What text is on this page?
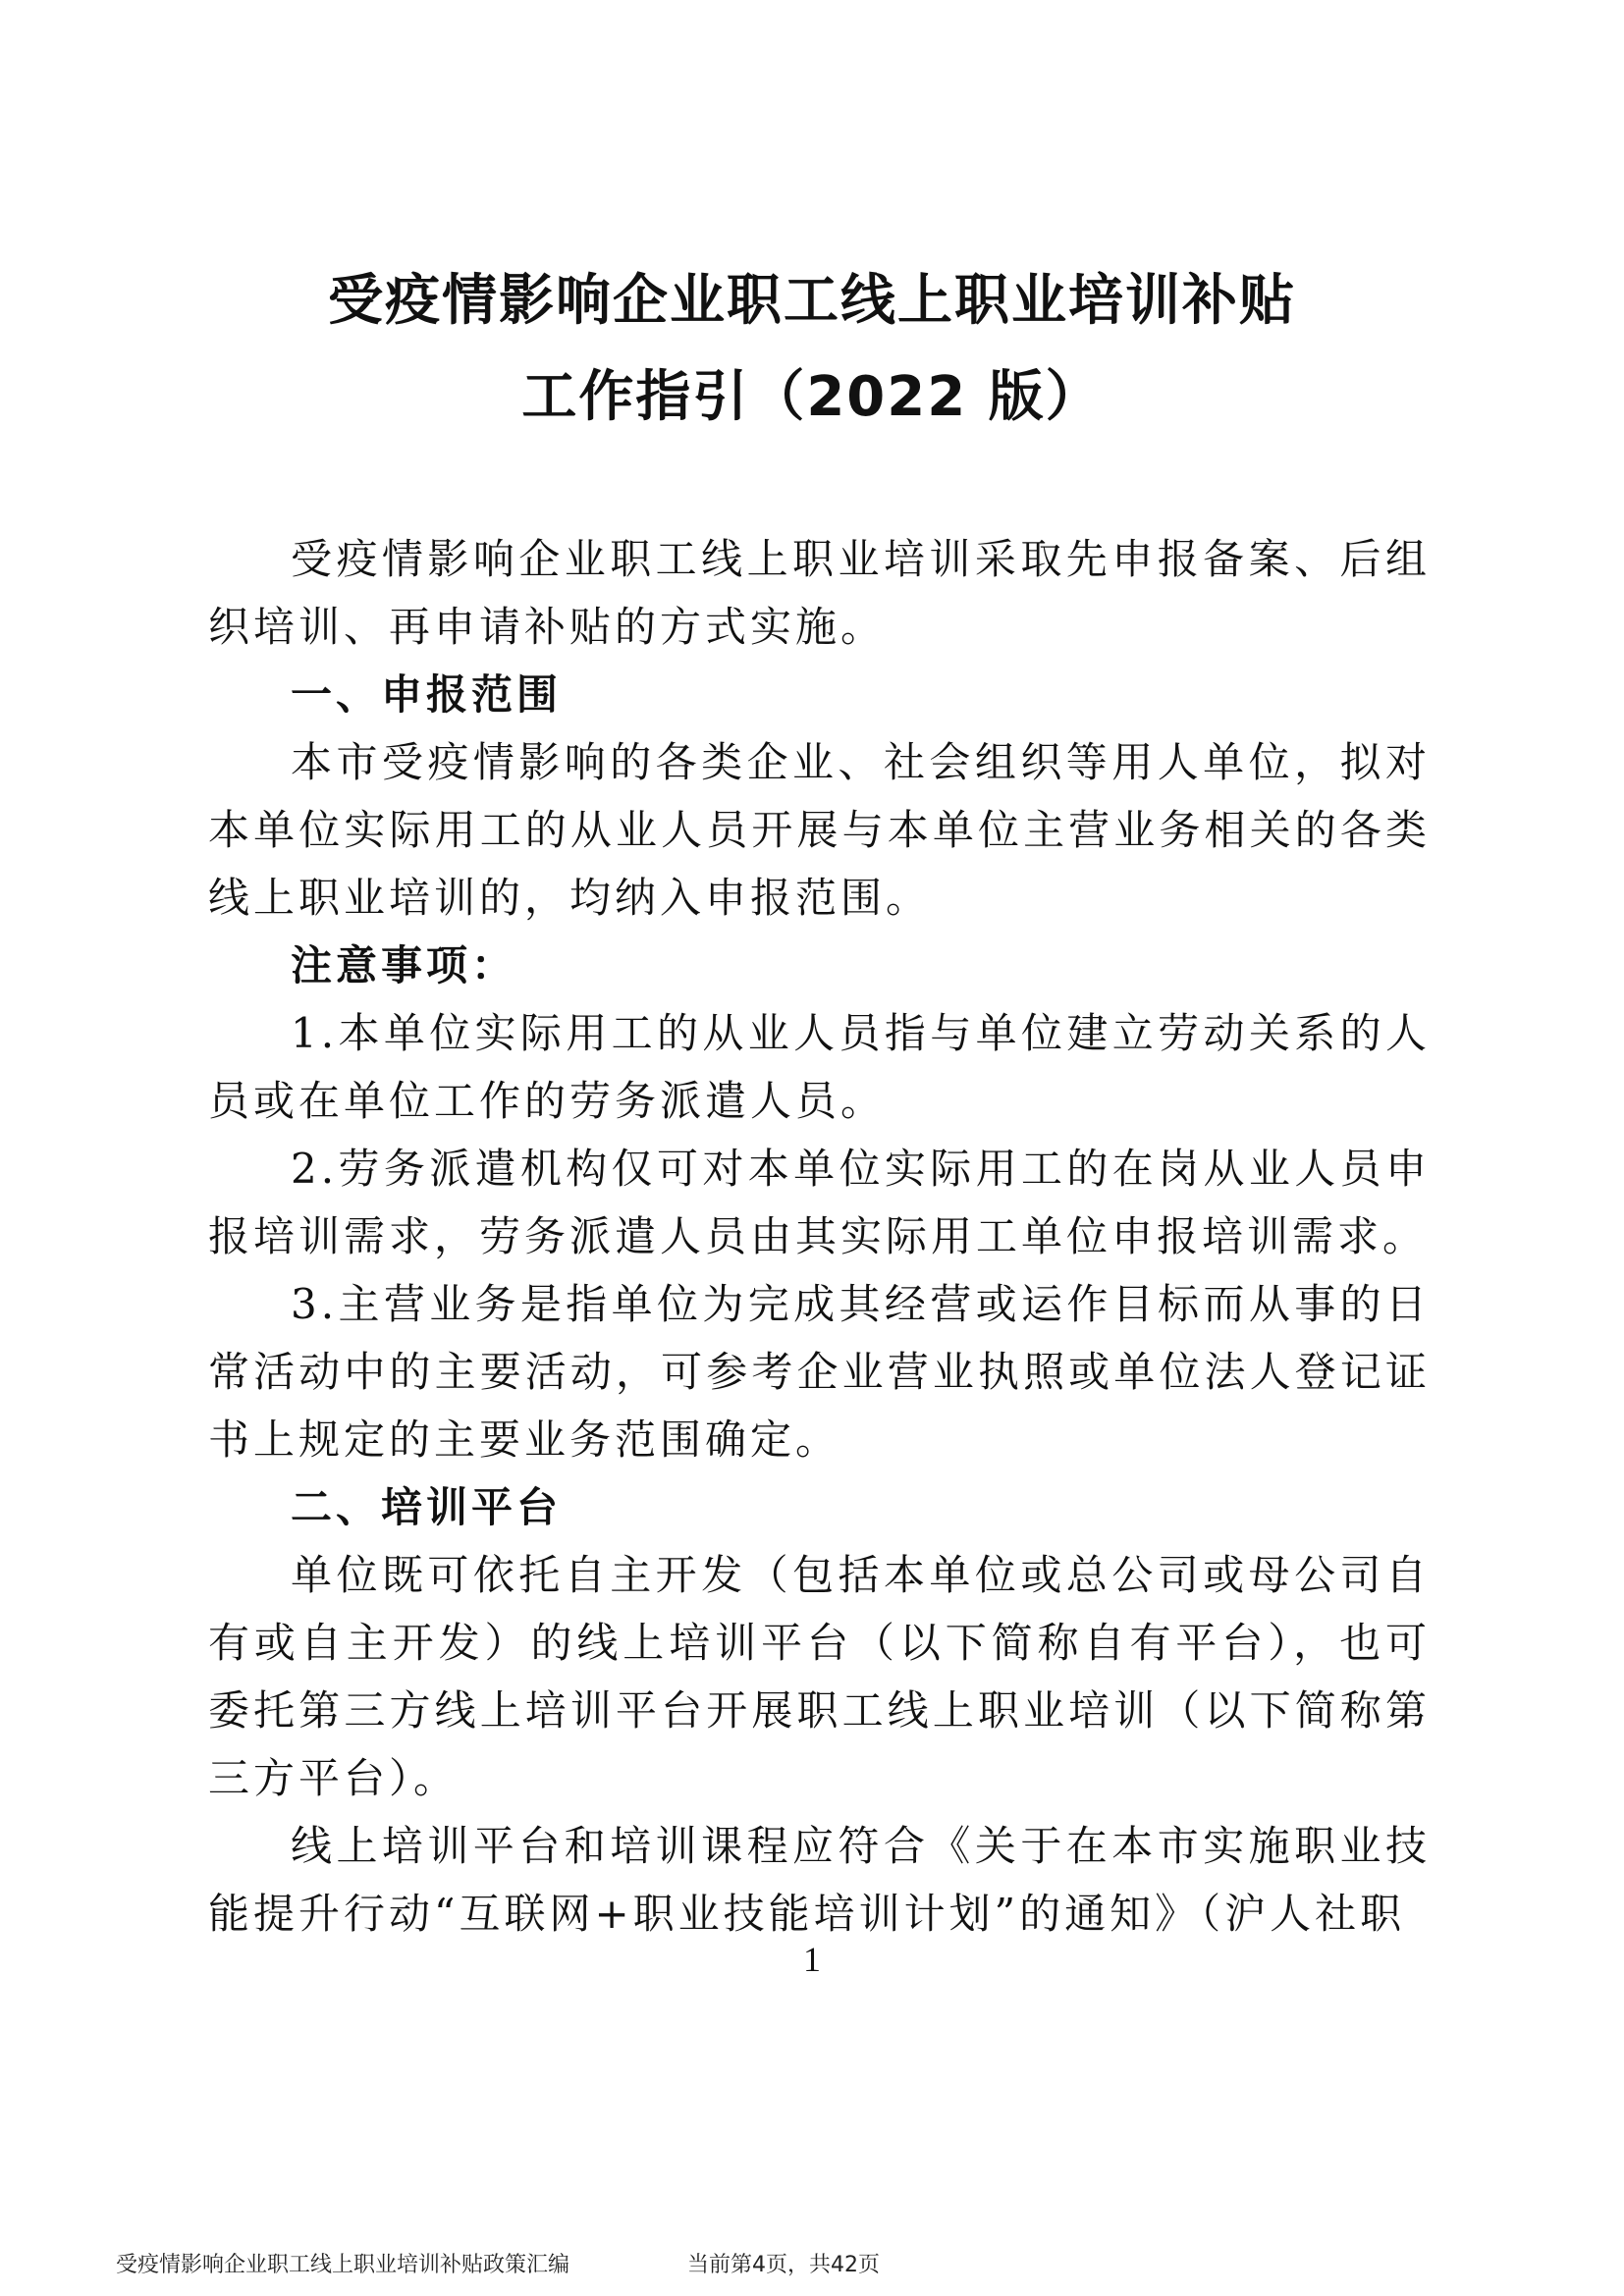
受疫情影响企业职工线上职业培训补贴
工作指引（2022 版）

受疫情影响企业职工线上职业培训采取先申报备案、后组织培训、再申请补贴的方式实施。

一、申报范围

本市受疫情影响的各类企业、社会组织等用人单位，拟对本单位实际用工的从业人员开展与本单位主营业务相关的各类线上职业培训的，均纳入申报范围。

注意事项：

1.本单位实际用工的从业人员指与单位建立劳动关系的人员或在单位工作的劳务派遣人员。

2.劳务派遣机构仅可对本单位实际用工的在岗从业人员申报培训需求，劳务派遣人员由其实际用工单位申报培训需求。

3.主营业务是指单位为完成其经营或运作目标而从事的日常活动中的主要活动，可参考企业营业执照或单位法人登记证书上规定的主要业务范围确定。

二、培训平台

单位既可依托自主开发（包括本单位或总公司或母公司自有或自主开发）的线上培训平台（以下简称自有平台），也可委托第三方线上培训平台开展职工线上职业培训（以下简称第三方平台）。

线上培训平台和培训课程应符合《关于在本市实施职业技能提升行动“互联网+职业技能培训计划”的通知》（沪人社职

1
受疫情影响企业职工线上职业培训补贴政策汇编	当前第4页，共42页
